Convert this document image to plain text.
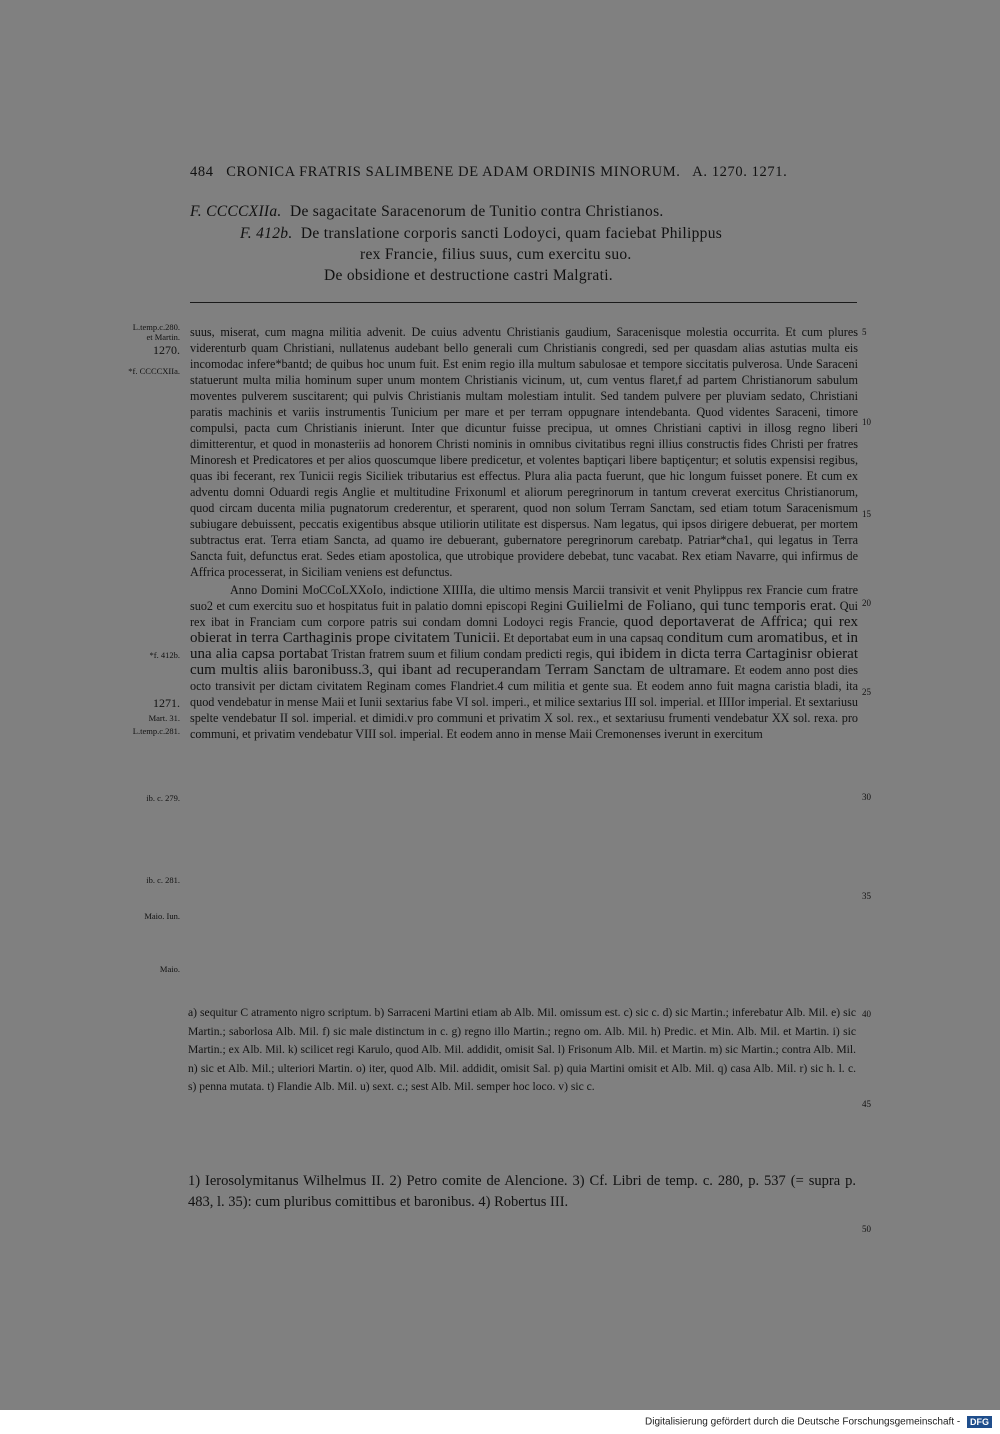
484 CRONICA FRATRIS SALIMBENE DE ADAM ORDINIS MINORUM. A. 1270. 1271.
F. CCCCXIIa. De sagacitate Saracenorum de Tunitio contra Christianos.
F. 412b. De translatione corporis sancti Lodoyci, quam faciebat Philippus
rex Francie, filius suus, cum exercitu suo.
De obsidione et destructione castri Malgrati.
L.temp.c.280.
et Martin.
1270.
*f. CCCCXIIa.
*f. 412b.
1271.
Mart. 31.
L.temp.c.281.
ib. c. 279.
ib. c. 281.
Maio. Iun.
Maio.

suus, miserat, cum magna militia advenit. De cuius adventu Christianis gaudium, Saracenisque molestia occurrita. Et cum plures viderenturb quam Christiani, nullatenus audebant bello generali cum Christianis congredi, sed per quasdam alias astutias multa eis incomodac infere*bantd; de quibus hoc unum fuit. Est enim regio illa multum sabulosae et tempore siccitatis pulverosa. Unde Saraceni statuerunt multa milia hominum super unum montem Christianis vicinum, ut, cum ventus flaret,f ad partem Christianorum sabulum moventes pulverem suscitarent; qui pulvis Christianis multam molestiam intulit. Sed tandem pulvere per pluviam sedato, Christiani paratis machinis et variis instrumentis Tunicium per mare et per terram oppugnare intendebanta. Quod videntes Saraceni, timore compulsi, pacta cum Christianis inierunt. Inter que dicuntur fuisse precipua, ut omnes Christiani captivi in illosg regno liberi dimitterentur, et quod in monasteriis ad honorem Christi nominis in omnibus civitatibus regni illius constructis fides Christi per fratres Minoresh et Predicatores et per alios quoscumque libere predicetur, et volentes baptiçari libere baptiçentur; et solutis expensisi regibus, quas ibi fecerant, rex Tunicii regis Siciliek tributarius est effectus. Plura alia pacta fuerunt, que hic longum fuisset ponere. Et cum ex adventu domni Oduardi regis Anglie et multitudine Frixonuml et aliorum peregrinorum in tantum creverat exercitus Christianorum, quod circam ducenta milia pugnatorum crederentur, et sperarent, quod non solum Terram Sanctam, sed etiam totum Saracenismum subiugare debuissent, peccatis exigentibus absque utiliorin utilitate est dispersus. Nam legatus, qui ipsos dirigere debuerat, per mortem subtractus erat. Terra etiam Sancta, ad quamo ire debuerant, gubernatore peregrinorum carebatp. Patriar*cha1, qui legatus in Terra Sancta fuit, defunctus erat. Sedes etiam apostolica, que utrobique providere debebat, tunc vacabat. Rex etiam Navarre, qui infirmus de Affrica processerat, in Siciliam veniens est defunctus.

Anno Domini MoCCoLXXoIo, indictione XIIIIa, die ultimo mensis Marcii transivit et venit Phylippus rex Francie cum fratre suo2 et cum exercitu suo et hospitatus fuit in palatio domni episcopi Regini Guilielmi de Foliano, qui tunc temporis erat. Qui rex ibat in Franciam cum corpore patris sui condam domni Lodoyci regis Francie, quod deportaverat de Affrica; qui rex obierat in terra Carthaginis prope civitatem Tunicii. Et deportabat eum in una capsaq conditum cum aromatibus, et in una alia capsa portabat Tristan fratrem suum et filium condam predicti regis, qui ibidem in dicta terra Cartaginisr obierat cum multis aliis baronibuss.3, qui ibant ad recuperandam Terram Sanctam de ultramare. Et eodem anno post dies octo transivit per dictam civitatem Reginam comes Flandriet.4 cum militia et gente sua. Et eodem anno fuit magna caristia bladi, ita quod vendebatur in mense Maii et Iunii sextarius fabe VI sol. imperi., et milice sextarius III sol. imperial. et IIIIor imperial. Et sextariusu spelte vendebatur II sol. imperial. et dimidi.v pro communi et privatim X sol. rex., et sextariusu frumenti vendebatur XX sol. rexa. pro communi, et privatim vendebatur VIII sol. imperial. Et eodem anno in mense Maii Cremonenses iverunt in exercitum

5
10
15
20
25
30
35
40
45
50

a) sequitur C atramento nigro scriptum. b) Sarraceni Martini etiam ab Alb. Mil. omissum est. c) sic c. d) sic Martin.; inferebatur Alb. Mil. e) sic Martin.; saborlosa Alb. Mil. f) sic male distinctum in c. g) regno illo Martin.; regno om. Alb. Mil. h) Predic. et Min. Alb. Mil. et Martin. i) sic Martin.; ex Alb. Mil. k) scilicet regi Karulo, quod Alb. Mil. addidit, omisit Sal. l) Frisonum Alb. Mil. et Martin. m) sic Martin.; contra Alb. Mil. n) sic et Alb. Mil.; ulteriori Martin. o) iter, quod Alb. Mil. addidit, omisit Sal. p) quia Martini omisit et Alb. Mil. q) casa Alb. Mil. r) sic h. l. c. s) penna mutata. t) Flandie Alb. Mil. u) sext. c.; sest Alb. Mil. semper hoc loco. v) sic c.

1) Ierosolymitanus Wilhelmus II. 2) Petro comite de Alencione. 3) Cf. Libri de temp. c. 280, p. 537 (= supra p. 483, l. 35): cum pluribus comittibus et baronibus. 4) Robertus III.

Digitalisierung gefördert durch die Deutsche Forschungsgemeinschaft - DFG
